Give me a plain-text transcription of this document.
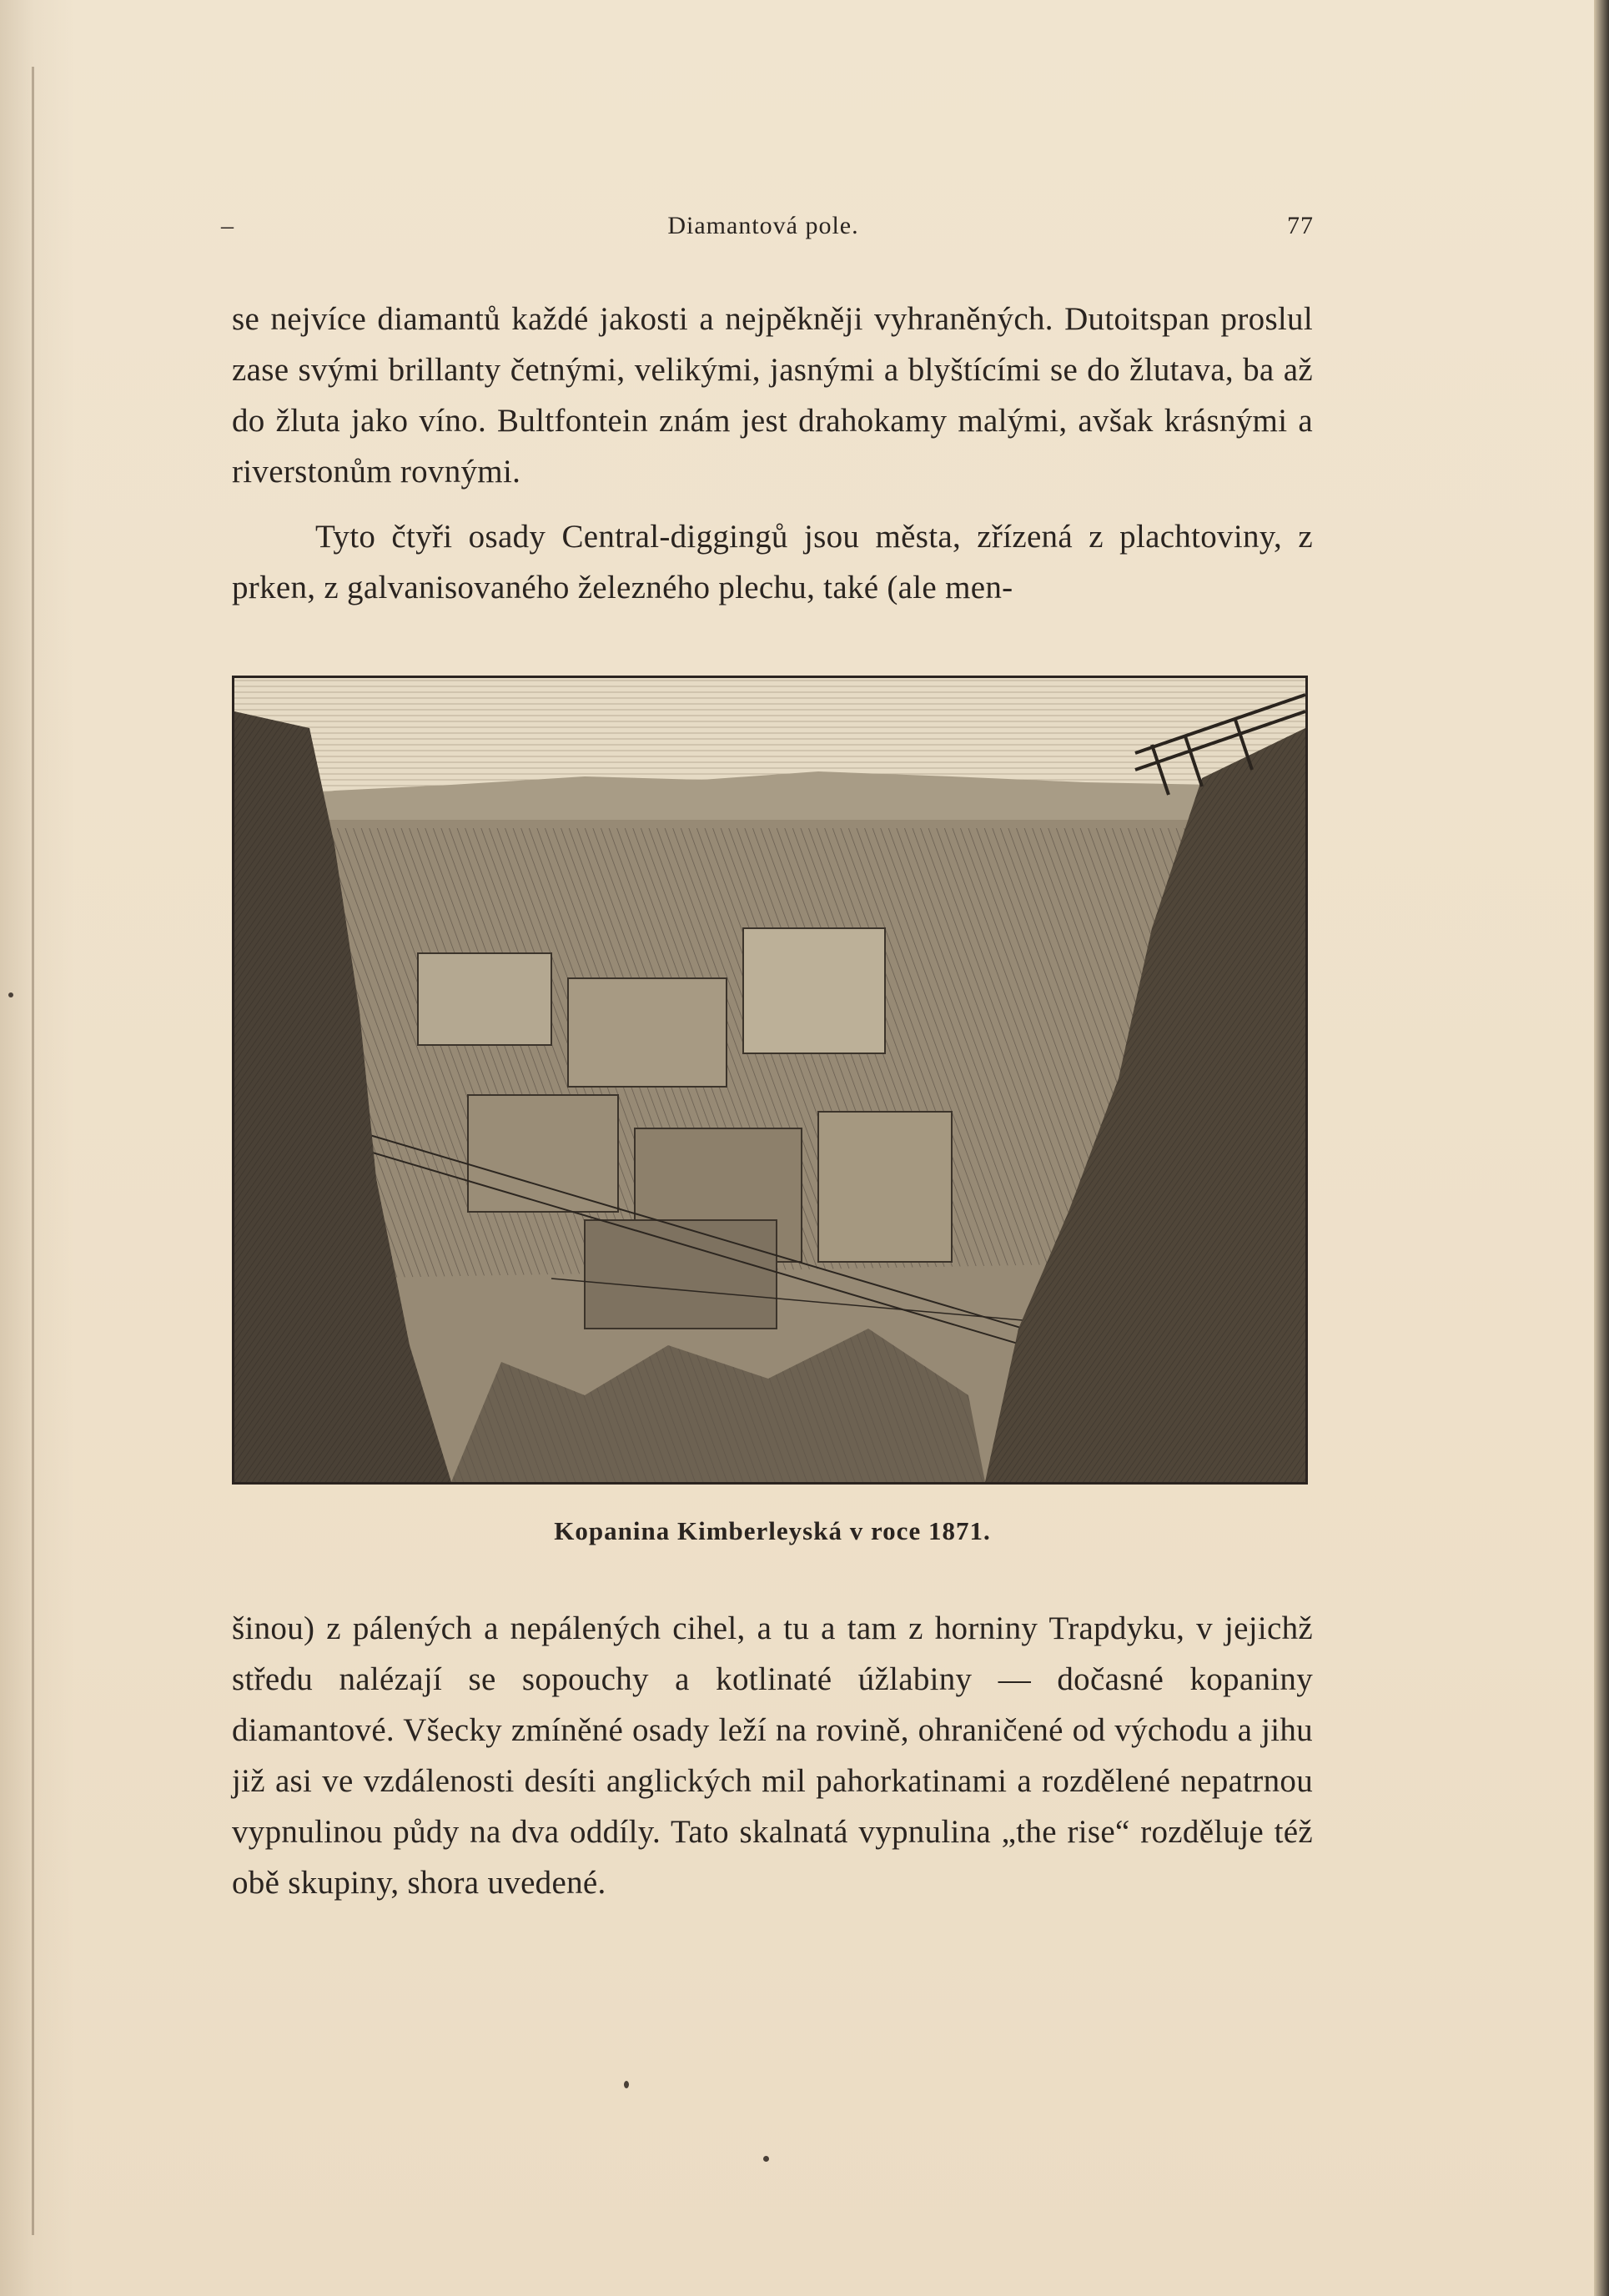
–	Diamantová pole.	77

se nejvíce diamantů každé jakosti a nejpěkněji vyhraněných. Dutoitspan proslul zase svými brillanty četnými, velikými, jasnými a blyštícími se do žlutava, ba až do žluta jako víno. Bultfontein znám jest drahokamy malými, avšak krásnými a riverstonům rovnými.

Tyto čtyři osady Central-diggingů jsou města, zřízená z plachtoviny, z prken, z galvanisovaného železného plechu, také (ale men-

Kopanina Kimberleyská v roce 1871.

šinou) z pálených a nepálených cihel, a tu a tam z horniny Trapdyku, v jejichž středu nalézají se sopouchy a kotlinaté úžlabiny — dočasné kopaniny diamantové. Všecky zmíněné osady leží na rovině, ohraničené od východu a jihu již asi ve vzdálenosti desíti anglických mil pahorkatinami a rozdělené nepatrnou vypnulinou půdy na dva oddíly. Tato skalnatá vypnulina „the rise“ rozděluje též obě skupiny, shora uvedené.
